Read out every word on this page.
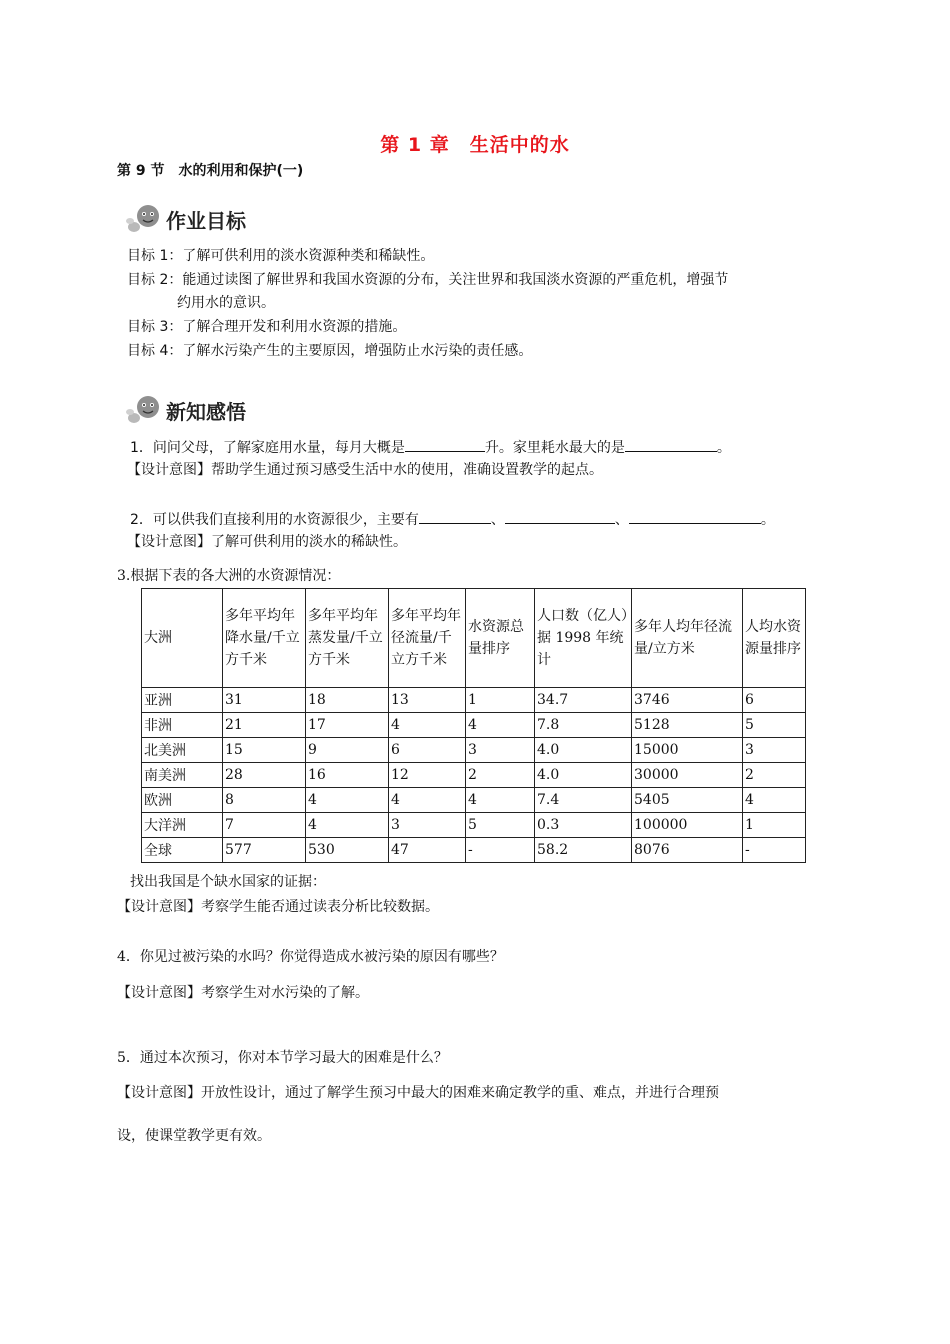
第 1 章　生活中的水
第 9 节　水的利用和保护(一)
作业目标
目标 1：了解可供利用的淡水资源种类和稀缺性。
目标 2：能通过读图了解世界和我国水资源的分布，关注世界和我国淡水资源的严重危机，增强节
约用水的意识。
目标 3：了解合理开发和利用水资源的措施。
目标 4：了解水污染产生的主要原因，增强防止水污染的责任感。
新知感悟
1．问问父母，了解家庭用水量，每月大概是	升。家里耗水最大的是	。
【设计意图】帮助学生通过预习感受生活中水的使用，准确设置教学的起点。
2．可以供我们直接利用的水资源很少，主要有	、	、	。
【设计意图】了解可供利用的淡水的稀缺性。
3.根据下表的各大洲的水资源情况：
大洲	多年平均年降水量/千立方千米	多年平均年蒸发量/千立方千米	多年平均年径流量/千立方千米	水资源总量排序	人口数（亿人）据 1998 年统计	多年人均年径流量/立方米	人均水资源量排序
亚洲	31	18	13	1	34.7	3746	6
非洲	21	17	4	4	7.8	5128	5
北美洲	15	9	6	3	4.0	15000	3
南美洲	28	16	12	2	4.0	30000	2
欧洲	8	4	4	4	7.4	5405	4
大洋洲	7	4	3	5	0.3	100000	1
全球	577	530	47	-	58.2	8076	-
找出我国是个缺水国家的证据：
【设计意图】考察学生能否通过读表分析比较数据。
4．你见过被污染的水吗？你觉得造成水被污染的原因有哪些？
【设计意图】考察学生对水污染的了解。
5．通过本次预习，你对本节学习最大的困难是什么？
【设计意图】开放性设计，通过了解学生预习中最大的困难来确定教学的重、难点，并进行合理预
设，使课堂教学更有效。
